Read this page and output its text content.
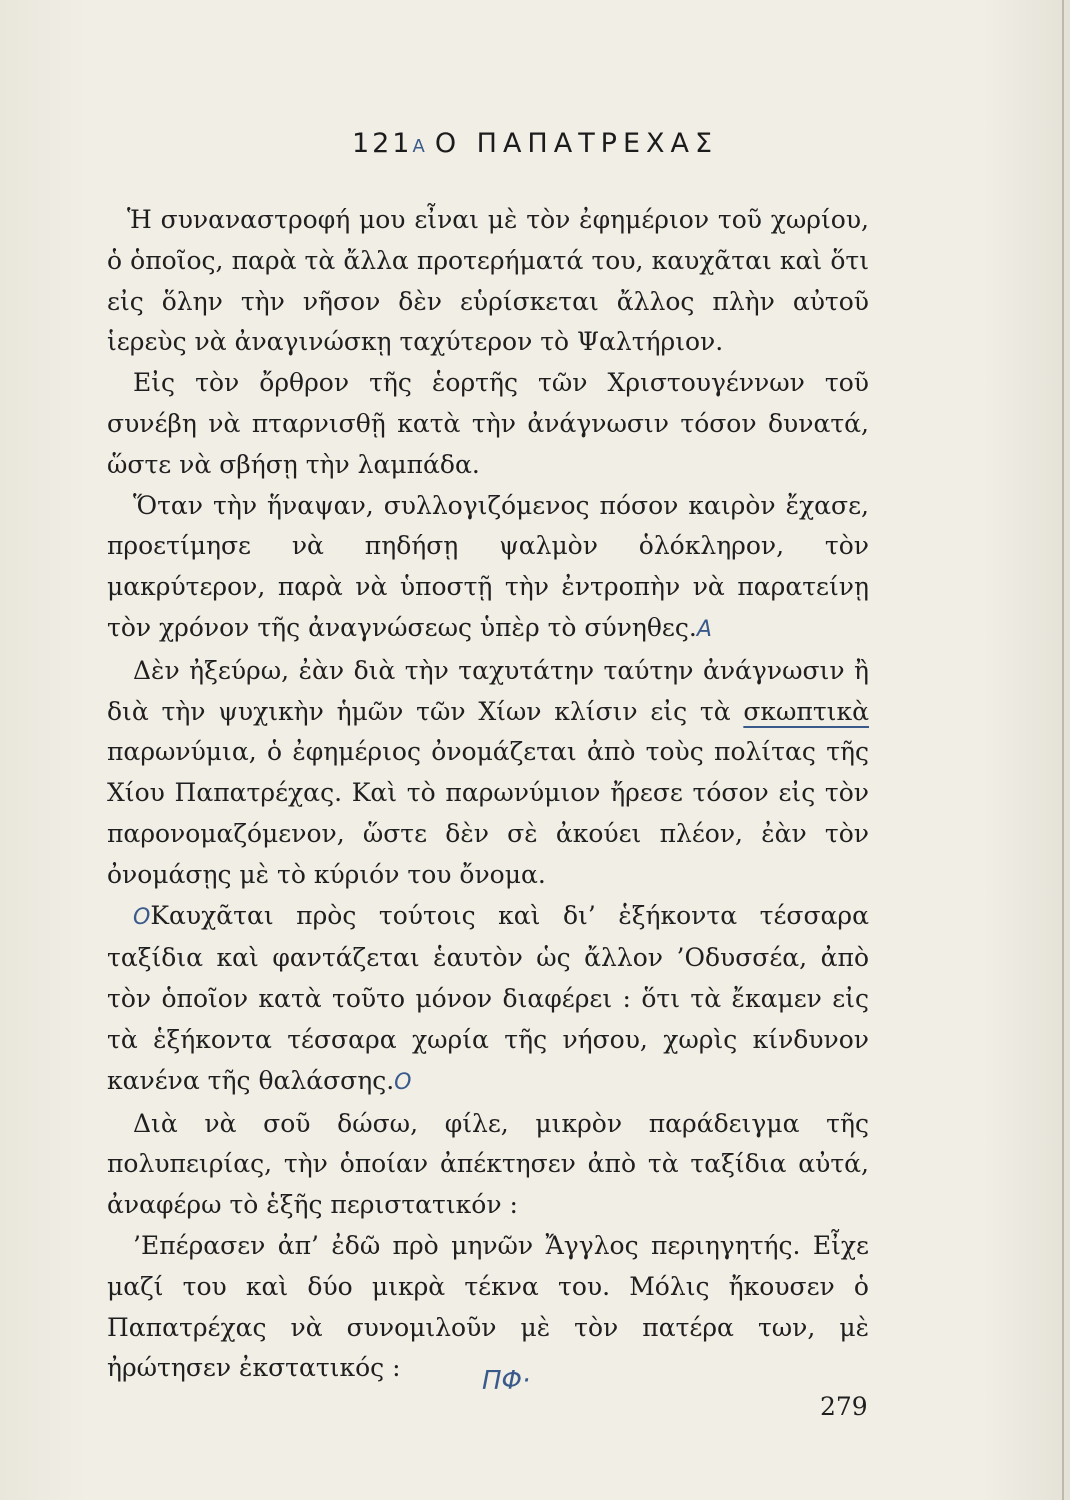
121A Ο ΠΑΠΑΤΡΕΧΑΣ

Ἡ συναναστροφή μου εἶναι μὲ τὸν ἐφημέριον τοῦ χωρίου, ὁ ὁποῖος, παρὰ τὰ ἄλλα προτερήματά του, καυχᾶται καὶ ὅτι εἰς ὅλην τὴν νῆσον δὲν εὑρίσκεται ἄλλος πλὴν αὐτοῦ ἱερεὺς νὰ ἀναγινώσκῃ ταχύτερον τὸ Ψαλτήριον.

Εἰς τὸν ὄρθρον τῆς ἑορτῆς τῶν Χριστουγέννων τοῦ συνέβη νὰ πταρνισθῇ κατὰ τὴν ἀνάγνωσιν τόσον δυνατά, ὥστε νὰ σβήσῃ τὴν λαμπάδα.

Ὅταν τὴν ἥναψαν, συλλογιζόμενος πόσον καιρὸν ἔχασε, προετίμησε νὰ πηδήσῃ ψαλμὸν ὁλόκληρον, τὸν μακρύτερον, παρὰ νὰ ὑποστῇ τὴν ἐντροπὴν νὰ παρατείνῃ τὸν χρόνον τῆς ἀναγνώσεως ὑπὲρ τὸ σύνηθες.A

Δὲν ἠξεύρω, ἐὰν διὰ τὴν ταχυτάτην ταύτην ἀνάγνωσιν ἢ διὰ τὴν ψυχικὴν ἡμῶν τῶν Χίων κλίσιν εἰς τὰ σκωπτικὰ παρωνύμια, ὁ ἐφημέριος ὀνομάζεται ἀπὸ τοὺς πολίτας τῆς Χίου Παπατρέχας. Καὶ τὸ παρωνύμιον ἤρεσε τόσον εἰς τὸν παρονομαζόμενον, ὥστε δὲν σὲ ἀκούει πλέον, ἐὰν τὸν ὀνομάσῃς μὲ τὸ κύριόν του ὄνομα.

OΚαυχᾶται πρὸς τούτοις καὶ δι’ ἑξήκοντα τέσσαρα ταξίδια καὶ φαντάζεται ἑαυτὸν ὡς ἄλλον ’Οδυσσέα, ἀπὸ τὸν ὁποῖον κατὰ τοῦτο μόνον διαφέρει : ὅτι τὰ ἔκαμεν εἰς τὰ ἑξήκοντα τέσσαρα χωρία τῆς νήσου, χωρὶς κίνδυνον κανένα τῆς θαλάσσης.O

Διὰ νὰ σοῦ δώσω, φίλε, μικρὸν παράδειγμα τῆς πολυπειρίας, τὴν ὁποίαν ἀπέκτησεν ἀπὸ τὰ ταξίδια αὐτά, ἀναφέρω τὸ ἑξῆς περιστατικόν :

’Επέρασεν ἀπ’ ἐδῶ πρὸ μηνῶν Ἄγγλος περιηγητής. Εἶχε μαζί του καὶ δύο μικρὰ τέκνα του. Μόλις ἤκουσεν ὁ Παπατρέχας νὰ συνομιλοῦν μὲ τὸν πατέρα των, μὲ ἠρώτησεν ἐκστατικός :	ΠΦ·
279
